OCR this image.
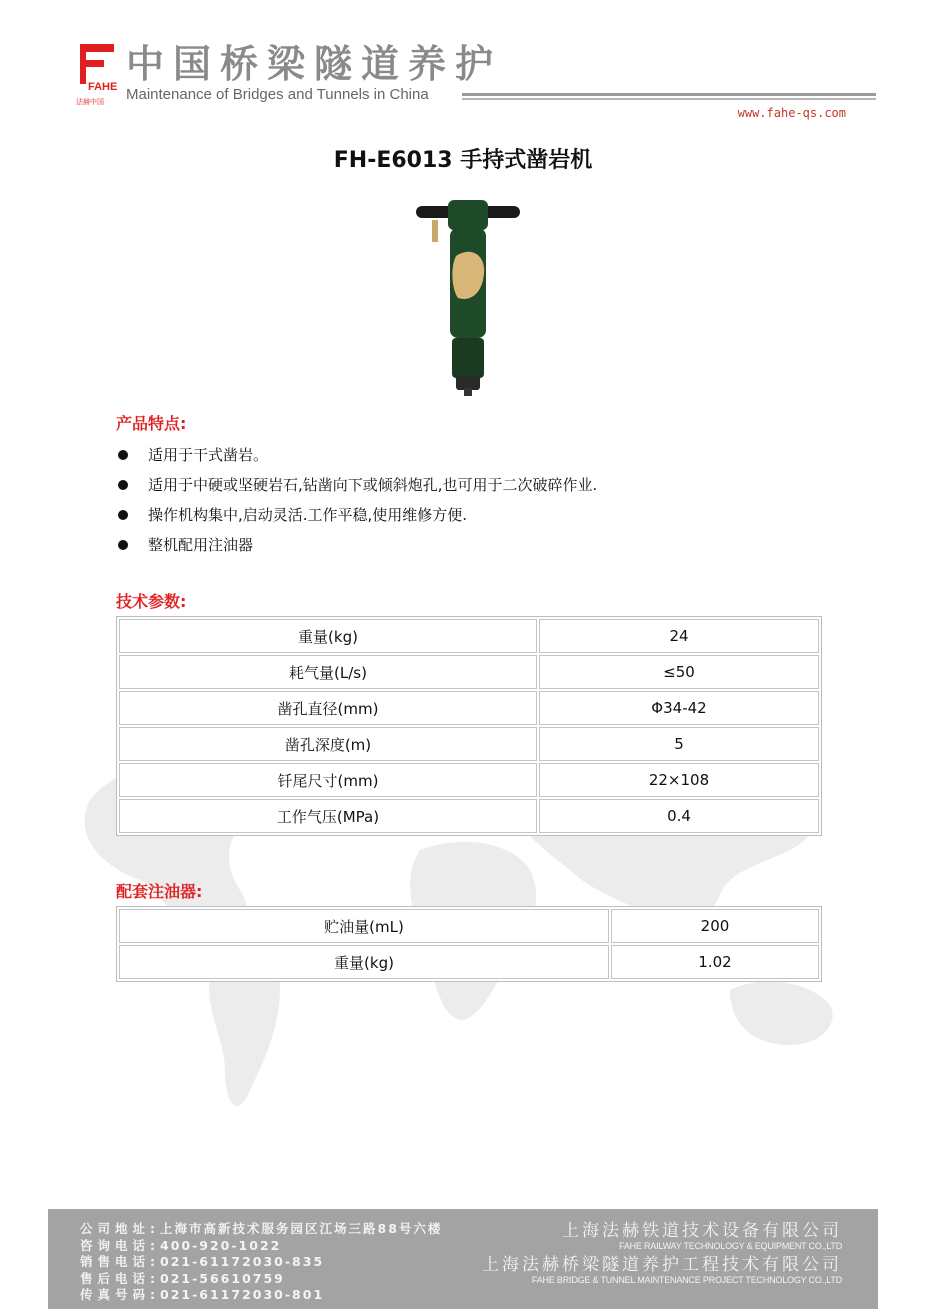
FAHE
法赫中国
中国桥梁隧道养护
Maintenance of Bridges and Tunnels in China
www.fahe-qs.com
FH-E6013 手持式凿岩机
产品特点:
适用于干式凿岩。
适用于中硬或坚硬岩石,钻凿向下或倾斜炮孔,也可用于二次破碎作业.
操作机构集中,启动灵活.工作平稳,使用维修方便.
整机配用注油器
技术参数:
重量(kg)	24
耗气量(L/s)	≤50
凿孔直径(mm)	Φ34-42
凿孔深度(m)	5
钎尾尺寸(mm)	22×108
工作气压(MPa)	0.4
配套注油器:
贮油量(mL)	200
重量(kg)	1.02
公司地址:上海市高新技术服务园区江场三路88号六楼
咨询电话:400-920-1022
销售电话:021-61172030-835
售后电话:021-56610759
传真号码:021-61172030-801
上海法赫铁道技术设备有限公司
FAHE RAILWAY TECHNOLOGY & EQUIPMENT CO.,LTD
上海法赫桥梁隧道养护工程技术有限公司
FAHE BRIDGE & TUNNEL MAINTENANCE PROJECT TECHNOLOGY CO.,LTD
